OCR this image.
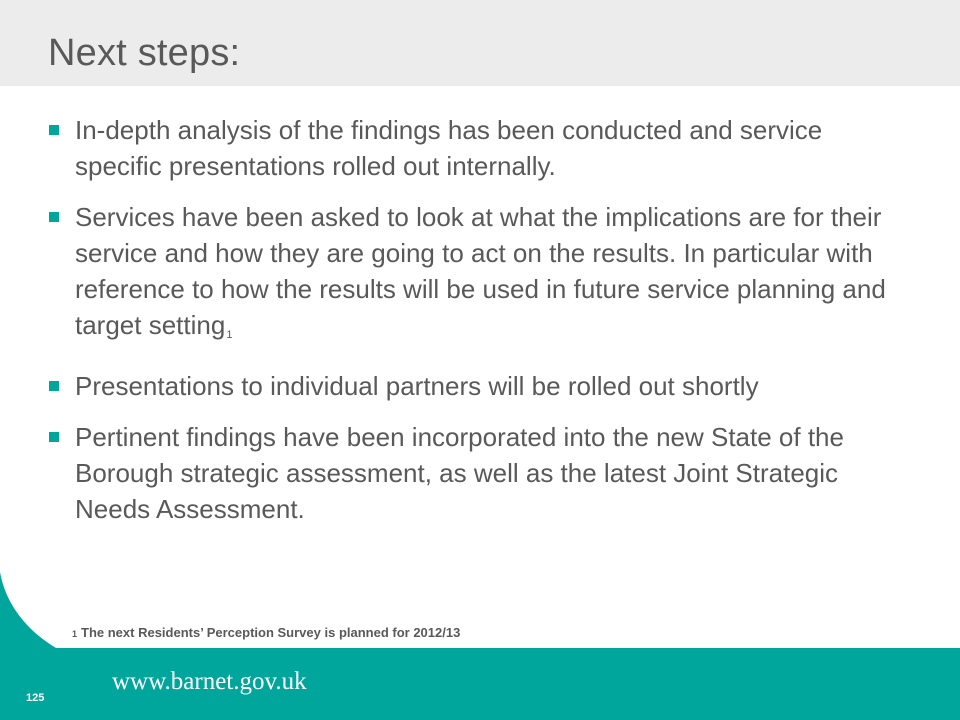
Next steps:
In-depth analysis of the findings has been conducted and service specific presentations rolled out internally.
Services have been asked to look at what the implications are for their service and how they are going to act on the results. In particular with reference to how the results will be used in future service planning and target setting1
Presentations to individual partners will be rolled out shortly
Pertinent findings have been incorporated into the new State of the Borough strategic assessment, as well as the latest Joint Strategic Needs Assessment.
1 The next Residents’ Perception Survey is planned for 2012/13
www.barnet.gov.uk
125
